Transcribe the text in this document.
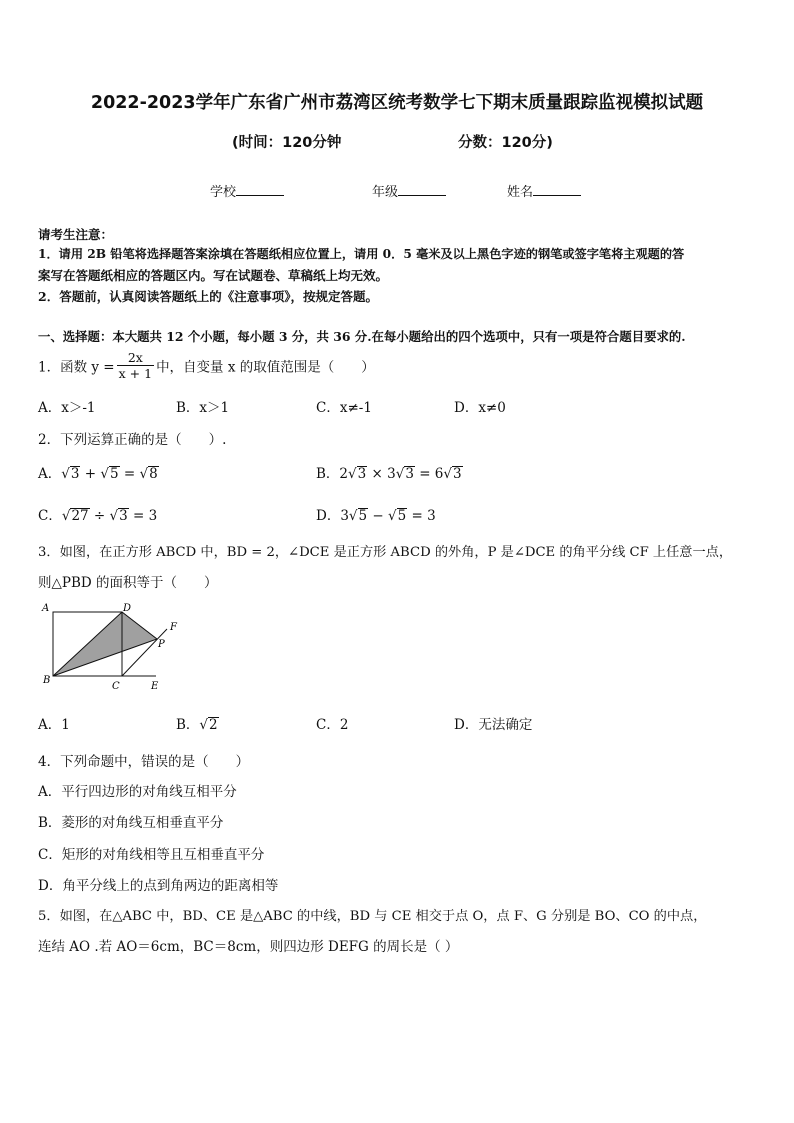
2022-2023学年广东省广州市荔湾区统考数学七下期末质量跟踪监视模拟试题
(时间：120分钟	分数：120分)
学校	年级	姓名
请考生注意：
1．请用 2B 铅笔将选择题答案涂填在答题纸相应位置上，请用 0．5 毫米及以上黑色字迹的钢笔或签字笔将主观题的答
案写在答题纸相应的答题区内。写在试题卷、草稿纸上均无效。
2．答题前，认真阅读答题纸上的《注意事项》，按规定答题。
一、选择题：本大题共 12 个小题，每小题 3 分，共 36 分.在每小题给出的四个选项中，只有一项是符合题目要求的.
1．函数 $y = \frac{2x}{x + 1}$ 中，自变量 x 的取值范围是（　　）
A．x＞-1	B．x＞1	C．x≠-1	D．x≠0
2．下列运算正确的是（　　）.
A．√3 + √5 = √8	B．2√3 × 3√3 = 6√3
C．√27 ÷ √3 = 3	D．3√5 − √5 = 3
3．如图，在正方形 ABCD 中，BD = 2，∠DCE 是正方形 ABCD 的外角，P 是∠DCE 的角平分线 CF 上任意一点，
则△PBD 的面积等于（　　）
A	D
F
P
B
C	E
A．1	B．√2	C．2	D．无法确定
4．下列命题中，错误的是（　　）
A．平行四边形的对角线互相平分
B．菱形的对角线互相垂直平分
C．矩形的对角线相等且互相垂直平分
D．角平分线上的点到角两边的距离相等
5．如图，在△ABC 中，BD、CE 是△ABC 的中线，BD 与 CE 相交于点 O，点 F、G 分别是 BO、CO 的中点，
连结 AO .若 AO＝6cm，BC＝8cm，则四边形 DEFG 的周长是（ ）
